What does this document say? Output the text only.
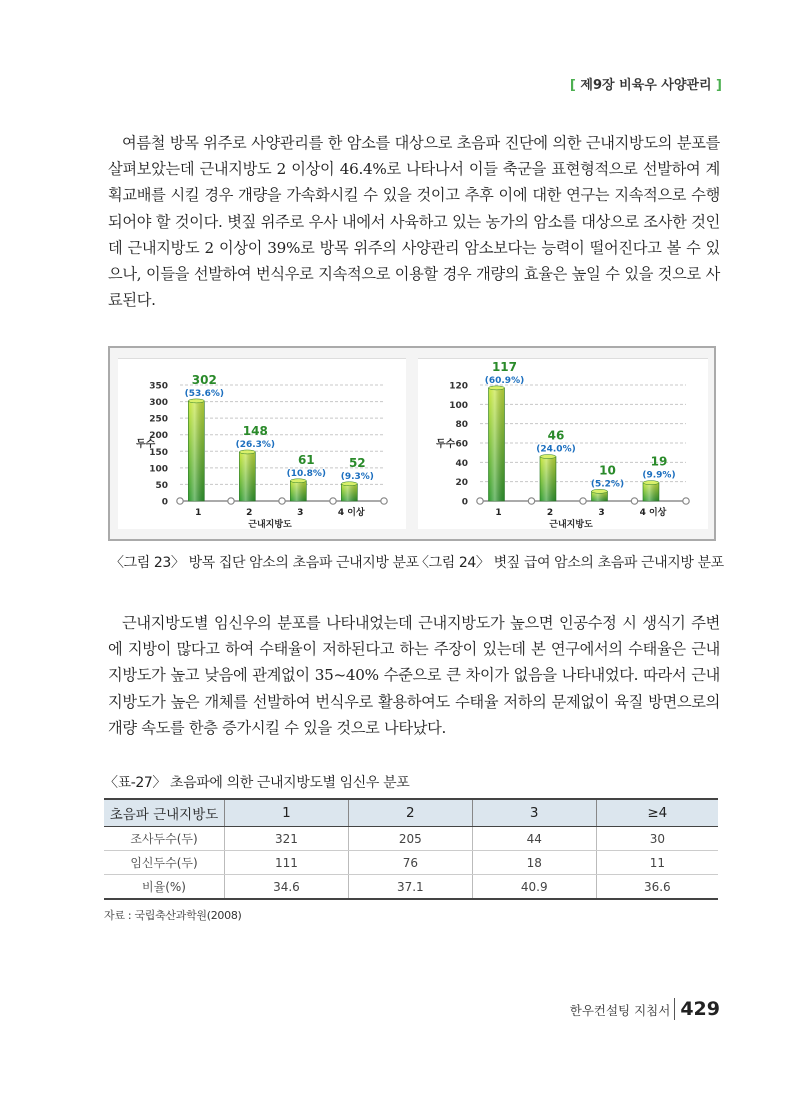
[ 제9장 비육우 사양관리 ]

여름철 방목 위주로 사양관리를 한 암소를 대상으로 초음파 진단에 의한 근내지방도의 분포를 살펴보았는데 근내지방도 2 이상이 46.4%로 나타나서 이들 축군을 표현형적으로 선발하여 계획교배를 시킬 경우 개량을 가속화시킬 수 있을 것이고 추후 이에 대한 연구는 지속적으로 수행되어야 할 것이다. 볏짚 위주로 우사 내에서 사육하고 있는 농가의 암소를 대상으로 조사한 것인데 근내지방도 2 이상이 39%로 방목 위주의 사양관리 암소보다는 능력이 떨어진다고 볼 수 있으나, 이들을 선발하여 번식우로 지속적으로 이용할 경우 개량의 효율은 높일 수 있을 것으로 사료된다.

0
50
100
150
200
250
300
350
두수
302
(53.6%)
1
148
(26.3%)
2
61
(10.8%)
3
52
(9.3%)
4 이상
근내지방도
0
20
40
60
80
100
120
두수
117
(60.9%)
1
46
(24.0%)
2
10
(5.2%)
3
19
(9.9%)
4 이상
근내지방도
〈그림 23〉 방목 집단 암소의 초음파 근내지방 분포
〈그림 24〉 볏짚 급여 암소의 초음파 근내지방 분포

근내지방도별 임신우의 분포를 나타내었는데 근내지방도가 높으면 인공수정 시 생식기 주변에 지방이 많다고 하여 수태율이 저하된다고 하는 주장이 있는데 본 연구에서의 수태율은 근내지방도가 높고 낮음에 관계없이 35~40% 수준으로 큰 차이가 없음을 나타내었다. 따라서 근내지방도가 높은 개체를 선발하여 번식우로 활용하여도 수태율 저하의 문제없이 육질 방면으로의 개량 속도를 한층 증가시킬 수 있을 것으로 나타났다.

〈표-27〉 초음파에 의한 근내지방도별 임신우 분포
초음파 근내지방도	1	2	3	≥4
조사두수(두)	321	205	44	30
임신두수(두)	111	76	18	11
비율(%)	34.6	37.1	40.9	36.6
자료 : 국립축산과학원(2008)
한우컨설팅 지침서 429
